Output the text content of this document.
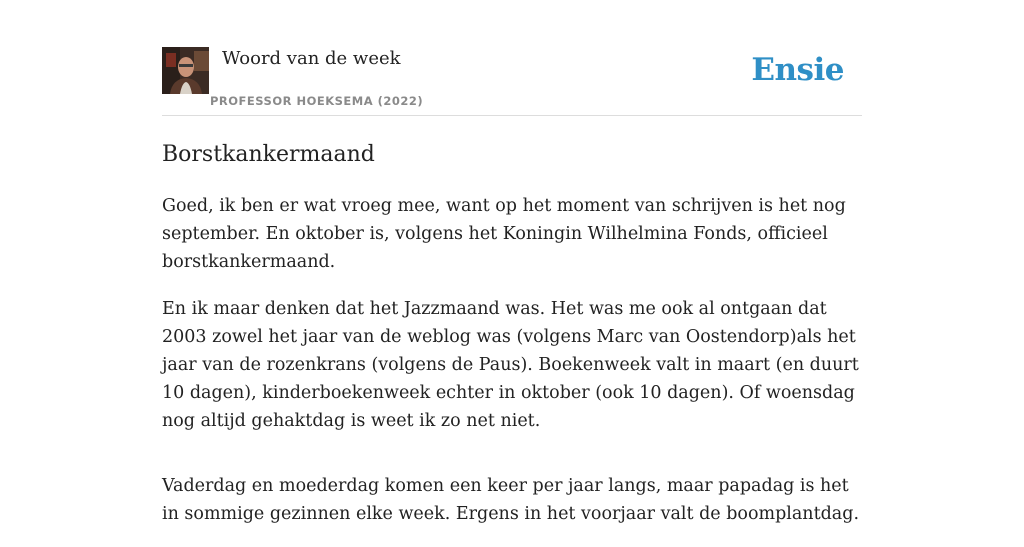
Woord van de week
PROFESSOR HOEKSEMA (2022)
Ensie
Borstkankermaand

Goed, ik ben er wat vroeg mee, want op het moment van schrijven is het nog september. En oktober is, volgens het Koningin Wilhelmina Fonds, officieel borstkankermaand.

En ik maar denken dat het Jazzmaand was. Het was me ook al ontgaan dat 2003 zowel het jaar van de weblog was (volgens Marc van Oostendorp)als het jaar van de rozenkrans (volgens de Paus). Boekenweek valt in maart (en duurt 10 dagen), kinderboekenweek echter in oktober (ook 10 dagen). Of woensdag nog altijd gehaktdag is weet ik zo net niet.

Vaderdag en moederdag komen een keer per jaar langs, maar papadag is het in sommige gezinnen elke week. Ergens in het voorjaar valt de boomplantdag.
